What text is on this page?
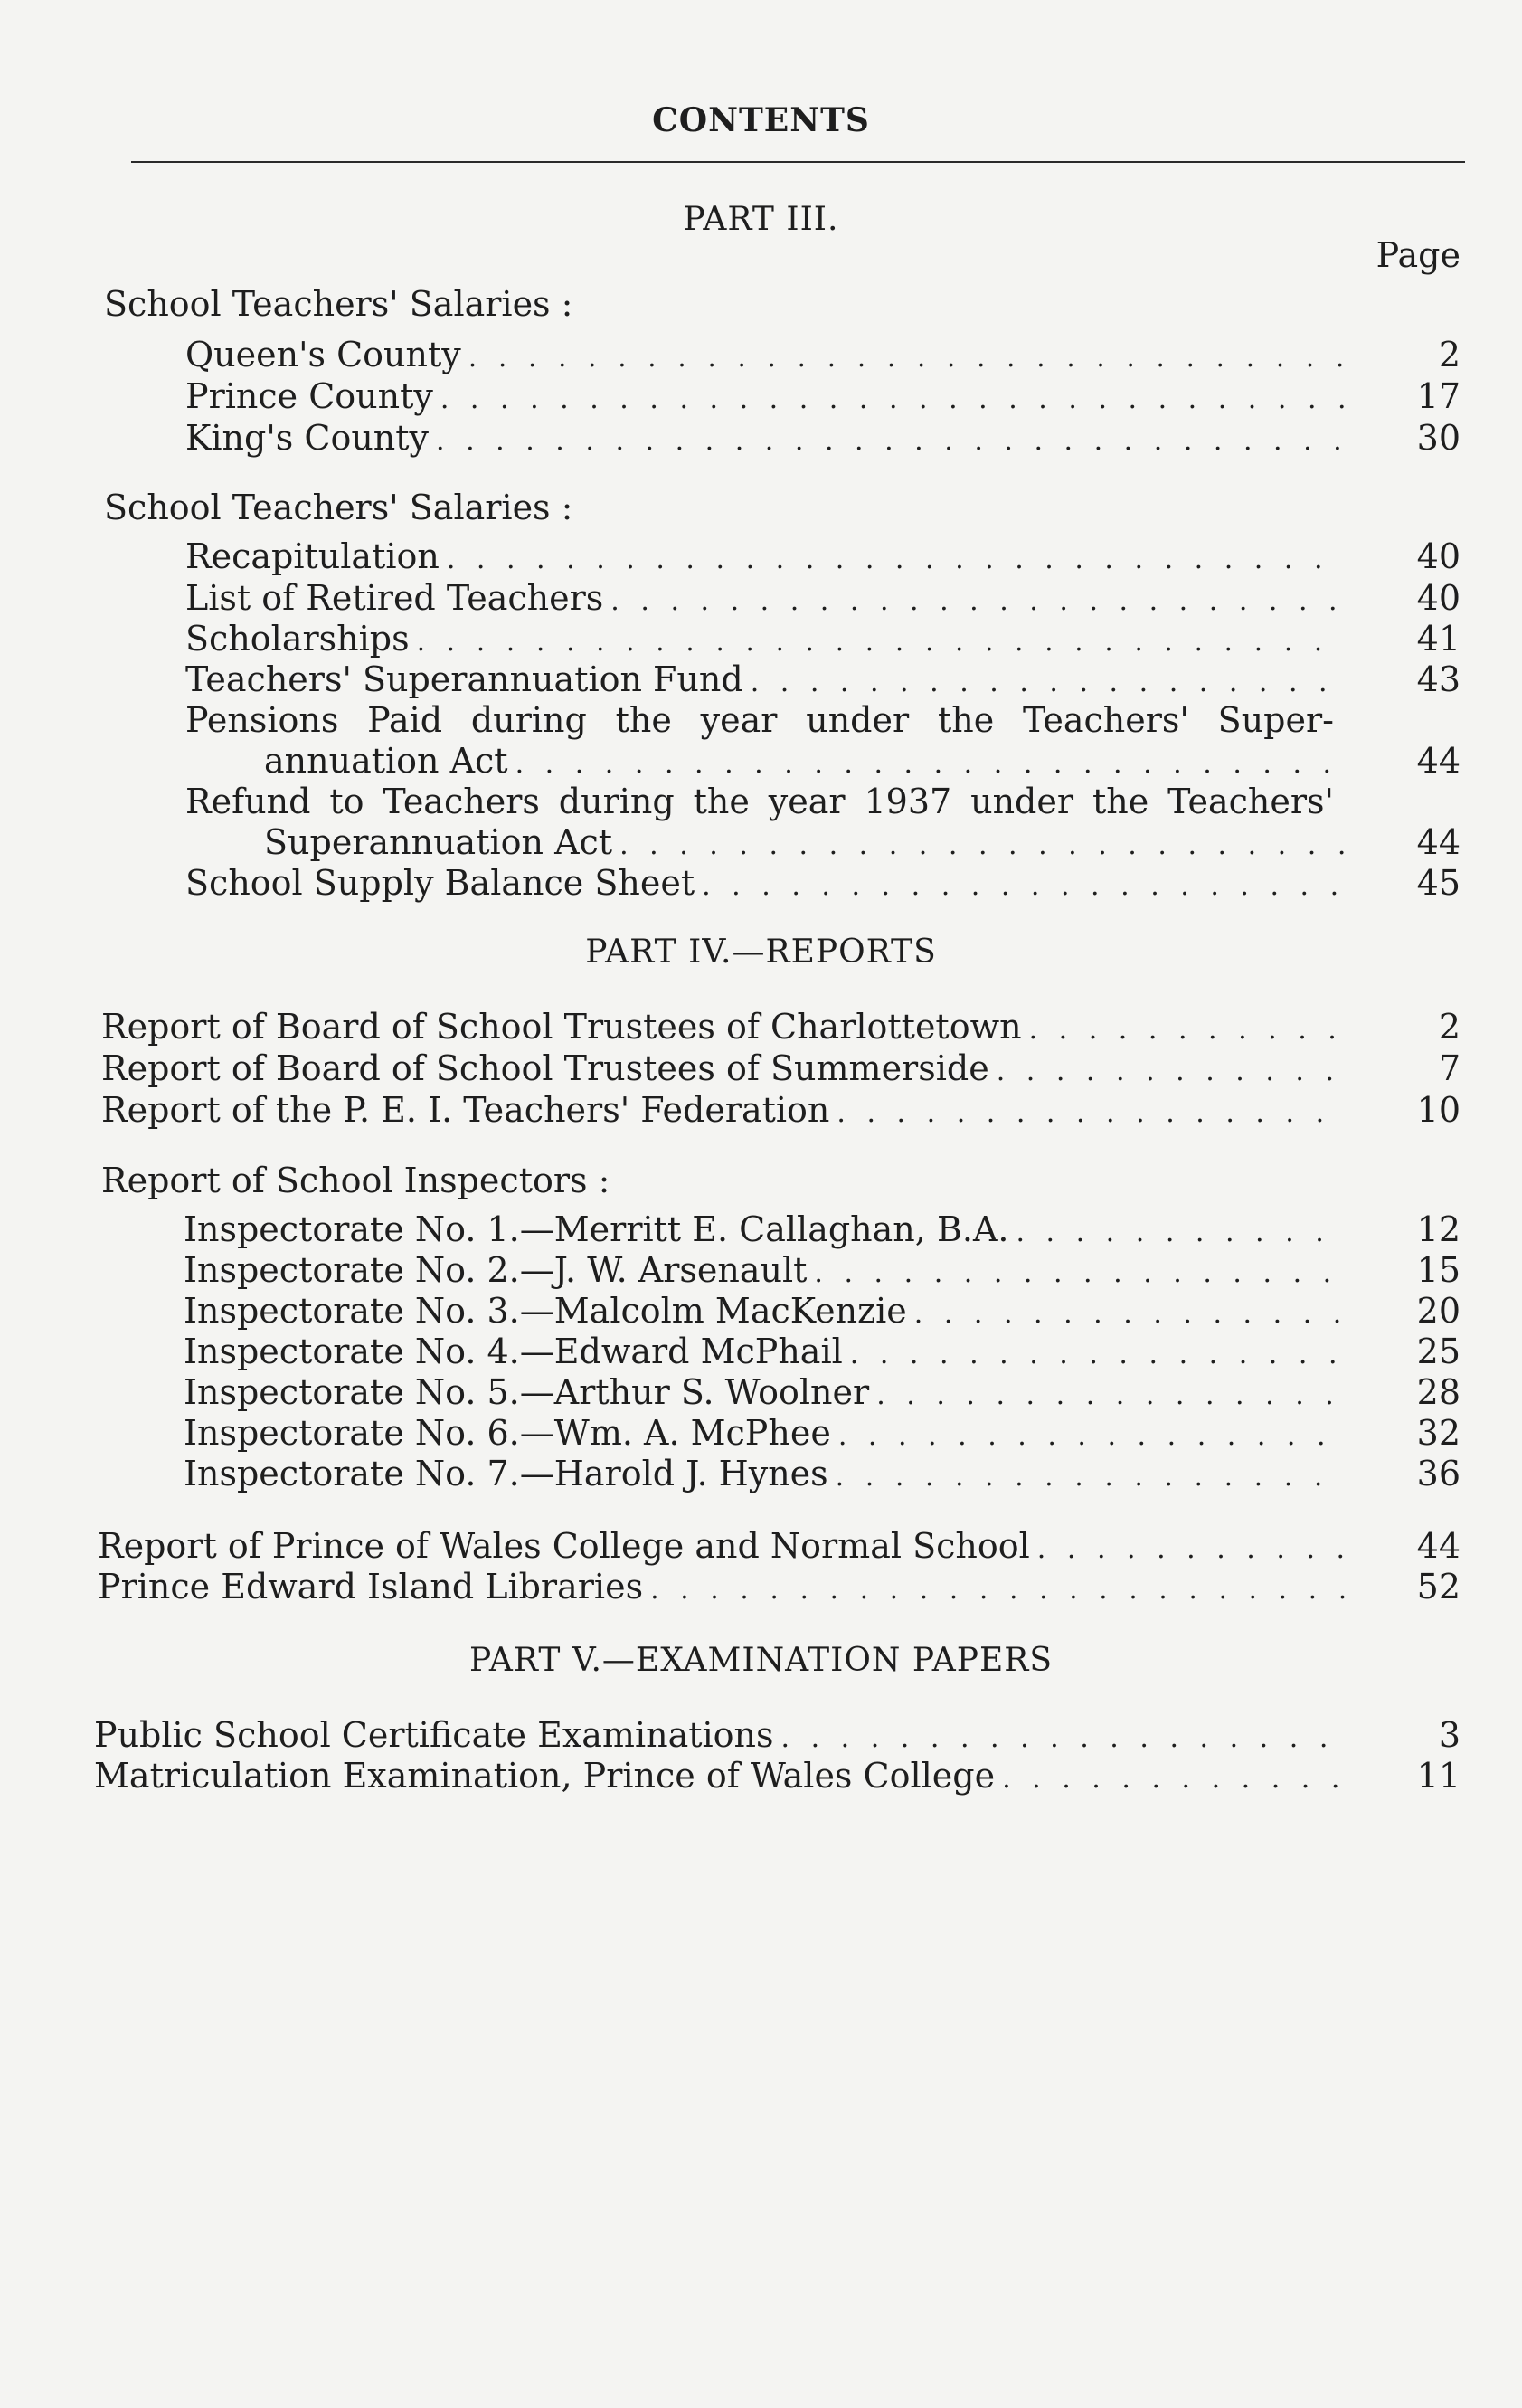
CONTENTS
PART III.
Page
School Teachers' Salaries :
Queen's County . . .	2
Prince County . . .	17
King's County . . .	30
School Teachers' Salaries :
Recapitulation . . .	40
List of Retired Teachers . . .	40
Scholarships . . .	41
Teachers' Superannuation Fund . . .	43
Pensions Paid during the year under the Teachers' Super-
annuation Act . . .	44
Refund to Teachers during the year 1937 under the Teachers'
Superannuation Act . . .	44
School Supply Balance Sheet . . .	45
PART IV.—REPORTS
Report of Board of School Trustees of Charlottetown . . .	2
Report of Board of School Trustees of Summerside . . .	7
Report of the P. E. I. Teachers' Federation . . .	10
Report of School Inspectors :
Inspectorate No. 1.—Merritt E. Callaghan, B.A. . . .	12
Inspectorate No. 2.—J. W. Arsenault . . .	15
Inspectorate No. 3.—Malcolm MacKenzie . . .	20
Inspectorate No. 4.—Edward McPhail . . .	25
Inspectorate No. 5.—Arthur S. Woolner . . .	28
Inspectorate No. 6.—Wm. A. McPhee . . .	32
Inspectorate No. 7.—Harold J. Hynes . . .	36
Report of Prince of Wales College and Normal School . . .	44
Prince Edward Island Libraries . . .	52
PART V.—EXAMINATION PAPERS
Public School Certificate Examinations . . .	3
Matriculation Examination, Prince of Wales College . . .	11
